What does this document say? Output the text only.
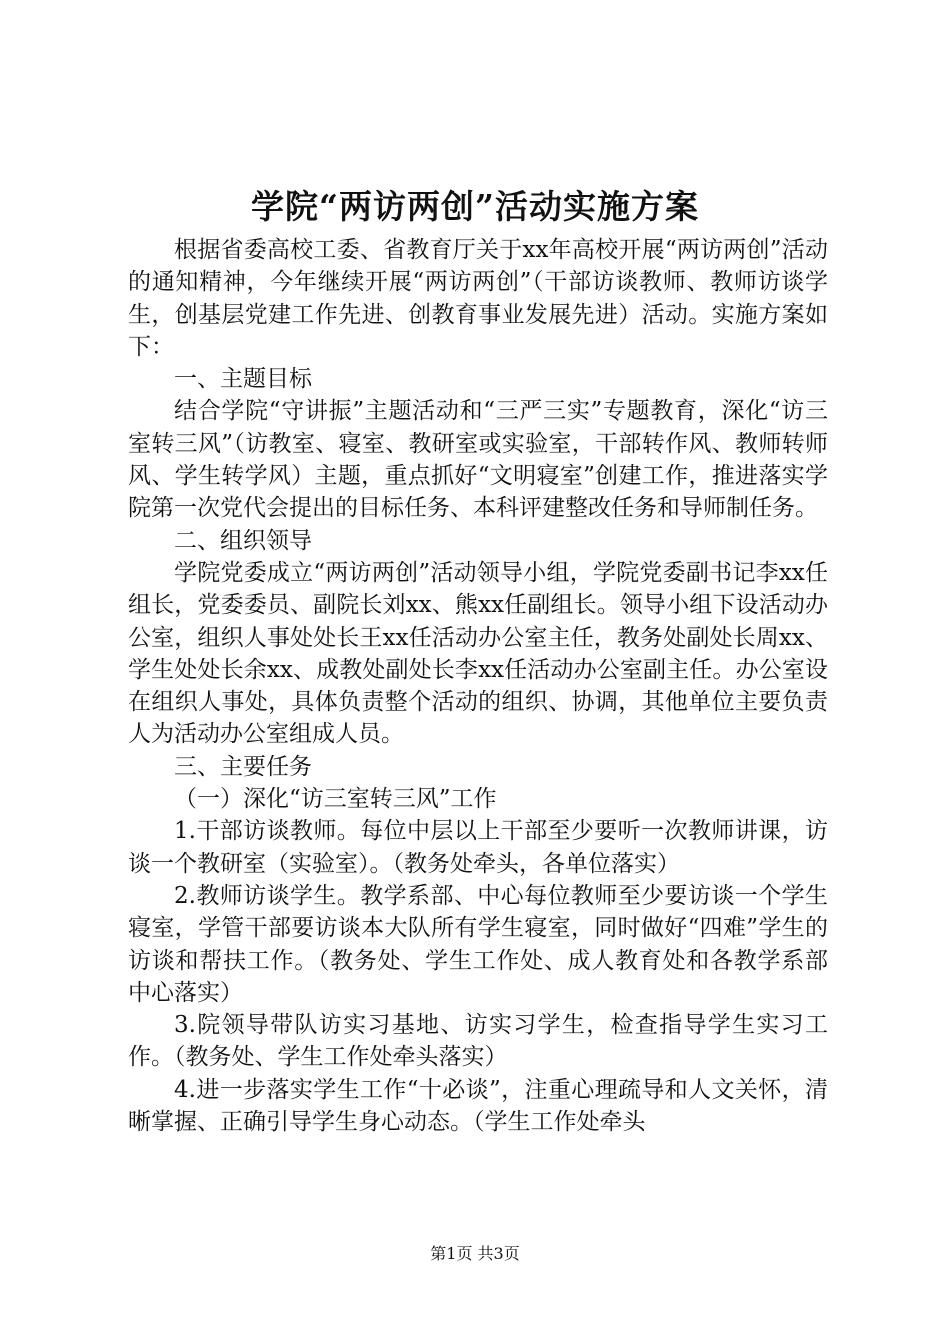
学院“两访两创”活动实施方案

根据省委高校工委、省教育厅关于xx年高校开展“两访两创”活动的通知精神，今年继续开展“两访两创”（干部访谈教师、教师访谈学生，创基层党建工作先进、创教育事业发展先进）活动。实施方案如下：

一、主题目标

结合学院“守讲振”主题活动和“三严三实”专题教育，深化“访三室转三风”（访教室、寝室、教研室或实验室，干部转作风、教师转师风、学生转学风）主题，重点抓好“文明寝室”创建工作，推进落实学院第一次党代会提出的目标任务、本科评建整改任务和导师制任务。

二、组织领导

学院党委成立“两访两创”活动领导小组，学院党委副书记李xx任组长，党委委员、副院长刘xx、熊xx任副组长。领导小组下设活动办公室，组织人事处处长王xx任活动办公室主任，教务处副处长周xx、学生处处长余xx、成教处副处长李xx任活动办公室副主任。办公室设在组织人事处，具体负责整个活动的组织、协调，其他单位主要负责人为活动办公室组成人员。

三、主要任务

（一）深化“访三室转三风”工作

1.干部访谈教师。每位中层以上干部至少要听一次教师讲课，访谈一个教研室（实验室）。（教务处牵头，各单位落实）

2.教师访谈学生。教学系部、中心每位教师至少要访谈一个学生寝室，学管干部要访谈本大队所有学生寝室，同时做好“四难”学生的访谈和帮扶工作。（教务处、学生工作处、成人教育处和各教学系部中心落实）

3.院领导带队访实习基地、访实习学生，检查指导学生实习工作。（教务处、学生工作处牵头落实）

4.进一步落实学生工作“十必谈”，注重心理疏导和人文关怀，清晰掌握、正确引导学生身心动态。（学生工作处牵头

第1页 共3页
